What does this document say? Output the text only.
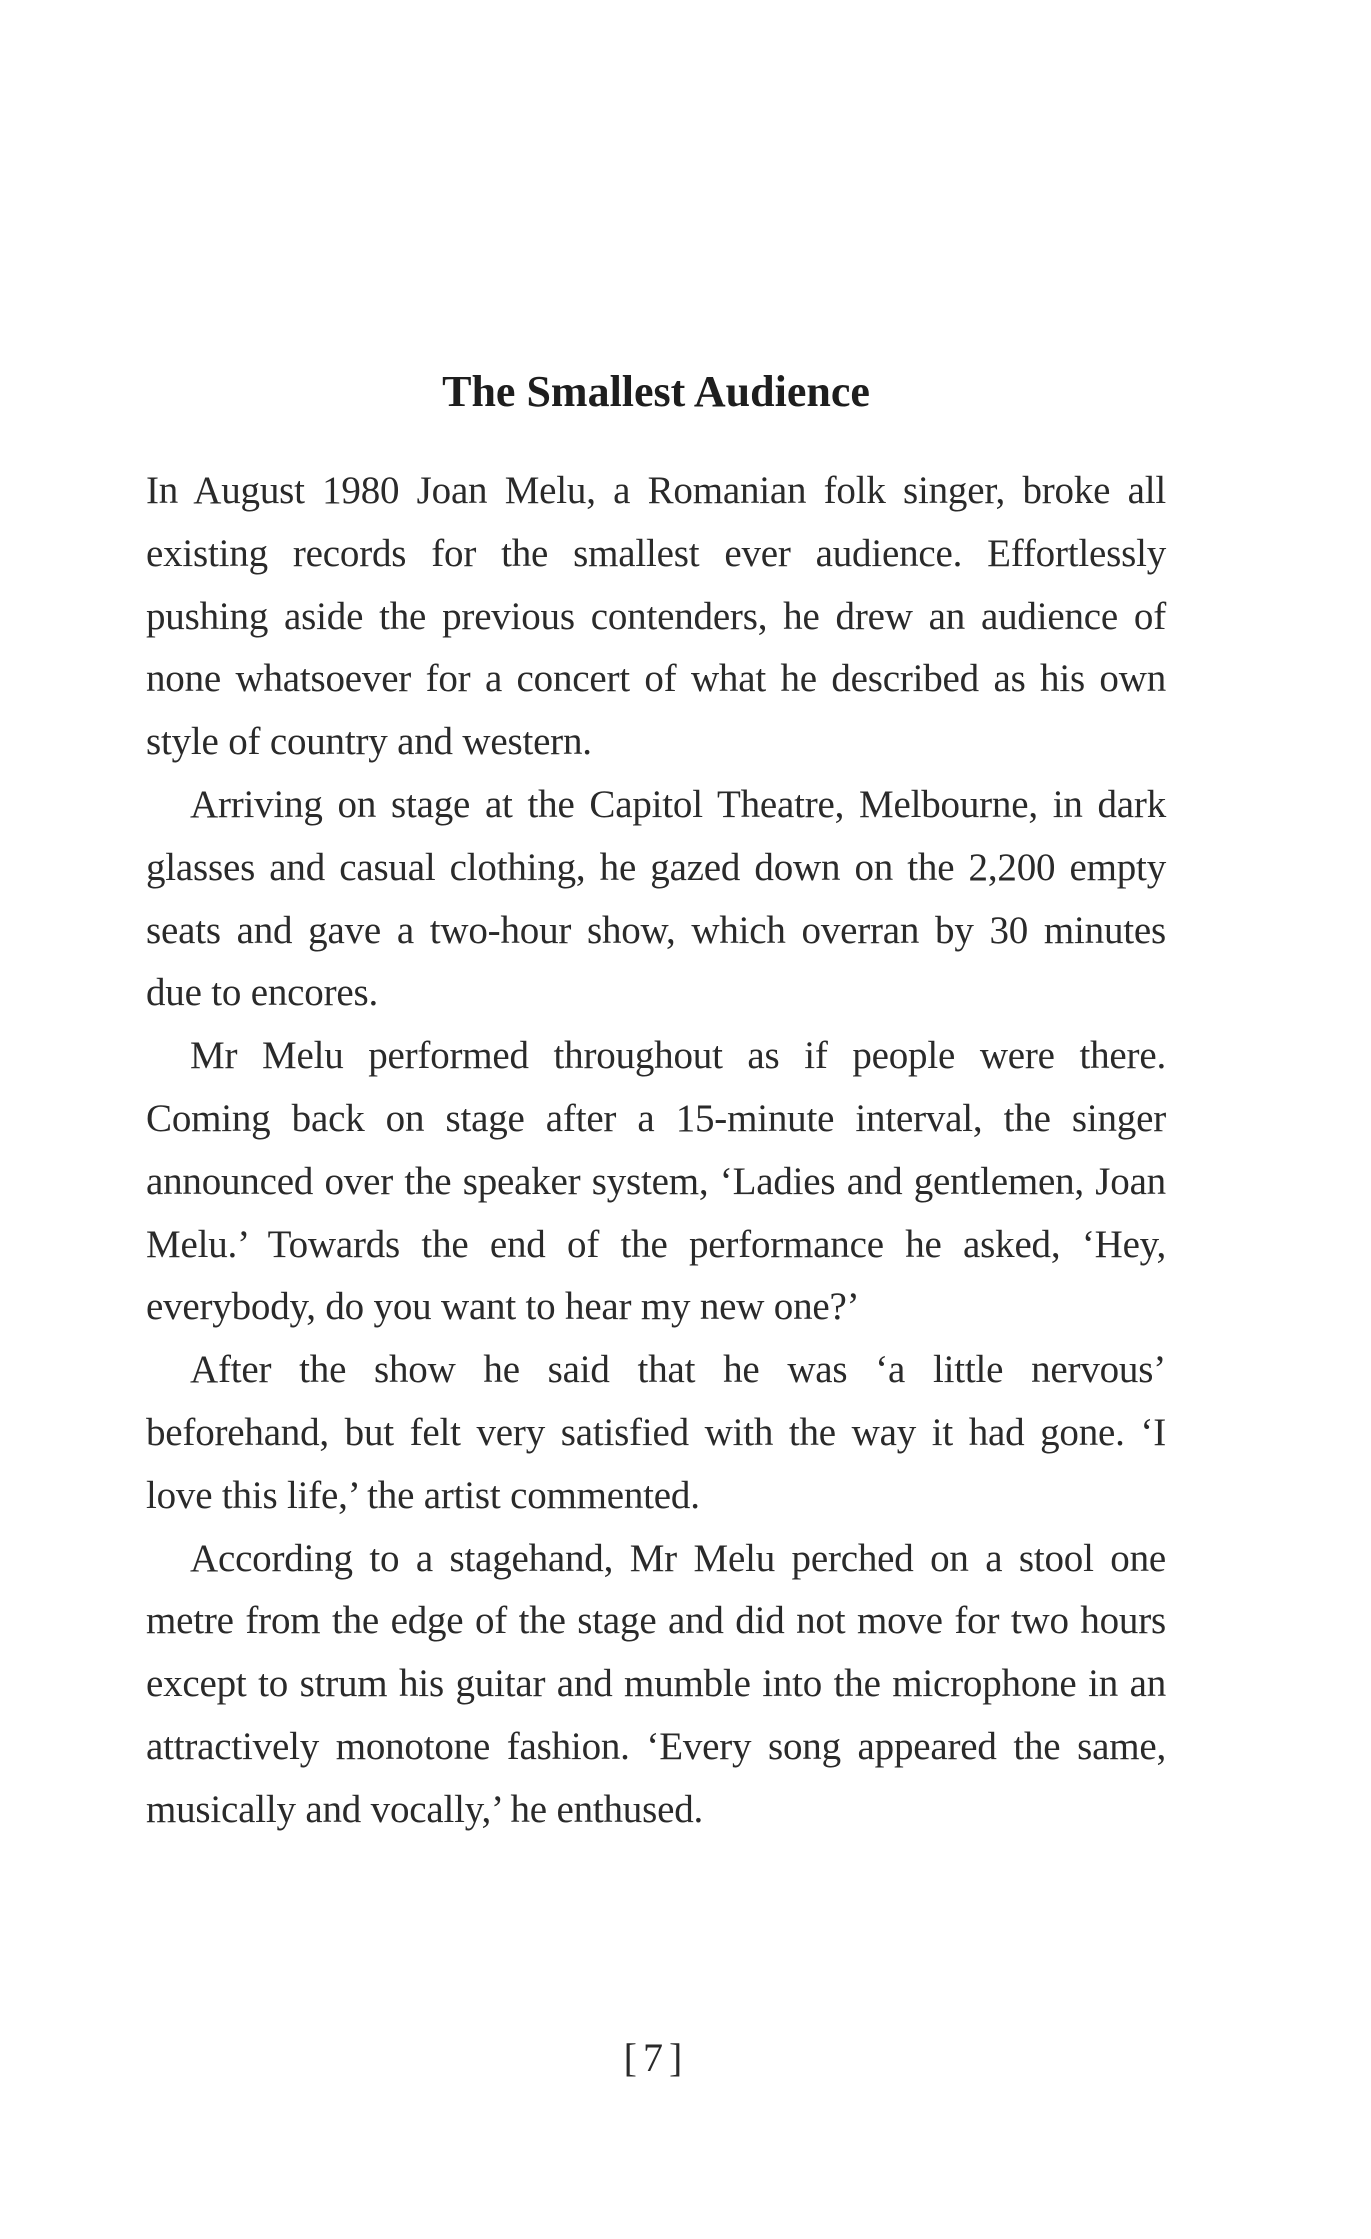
The Smallest Audience

In August 1980 Joan Melu, a Romanian folk singer, broke all existing records for the smallest ever audience. Effortlessly pushing aside the previous contenders, he drew an audience of none whatsoever for a concert of what he described as his own style of country and western.

Arriving on stage at the Capitol Theatre, Melbourne, in dark glasses and casual clothing, he gazed down on the 2,200 empty seats and gave a two-hour show, which overran by 30 minutes due to encores.

Mr Melu performed throughout as if people were there. Coming back on stage after a 15-minute interval, the singer announced over the speaker system, ‘Ladies and gentlemen, Joan Melu.’ Towards the end of the performance he asked, ‘Hey, everybody, do you want to hear my new one?’

After the show he said that he was ‘a little nervous’ beforehand, but felt very satisfied with the way it had gone. ‘I love this life,’ the artist commented.

According to a stagehand, Mr Melu perched on a stool one metre from the edge of the stage and did not move for two hours except to strum his guitar and mumble into the microphone in an attractively monotone fashion. ‘Every song appeared the same, musically and vocally,’ he enthused.

[7]
